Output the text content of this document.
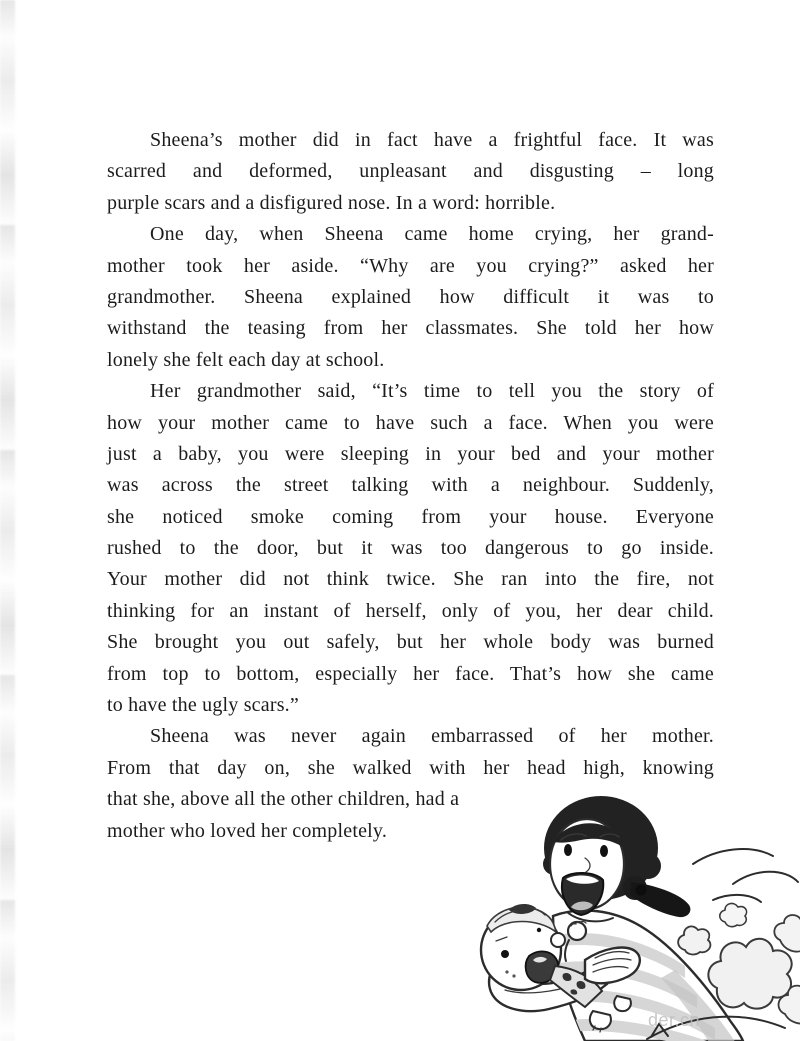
Sheena’s mother did in fact have a frightful face. It was
scarred and deformed, unpleasant and disgusting – long
purple scars and a disfigured nose. In a word: horrible.
One day, when Sheena came home crying, her grand-
mother took her aside. “Why are you crying?” asked her
grandmother. Sheena explained how difficult it was to
withstand the teasing from her classmates. She told her how
lonely she felt each day at school.
Her grandmother said, “It’s time to tell you the story of
how your mother came to have such a face. When you were
just a baby, you were sleeping in your bed and your mother
was across the street talking with a neighbour. Suddenly,
she noticed smoke coming from your house. Everyone
rushed to the door, but it was too dangerous to go inside.
Your mother did not think twice. She ran into the fire, not
thinking for an instant of herself, only of you, her dear child.
She brought you out safely, but her whole body was burned
from top to bottom, especially her face. That’s how she came
to have the ugly scars.”
Sheena was never again embarrassed of her mother.
From that day on, she walked with her head high, knowing
that she, above all the other children, had a
mother who loved her completely.
der.cn
